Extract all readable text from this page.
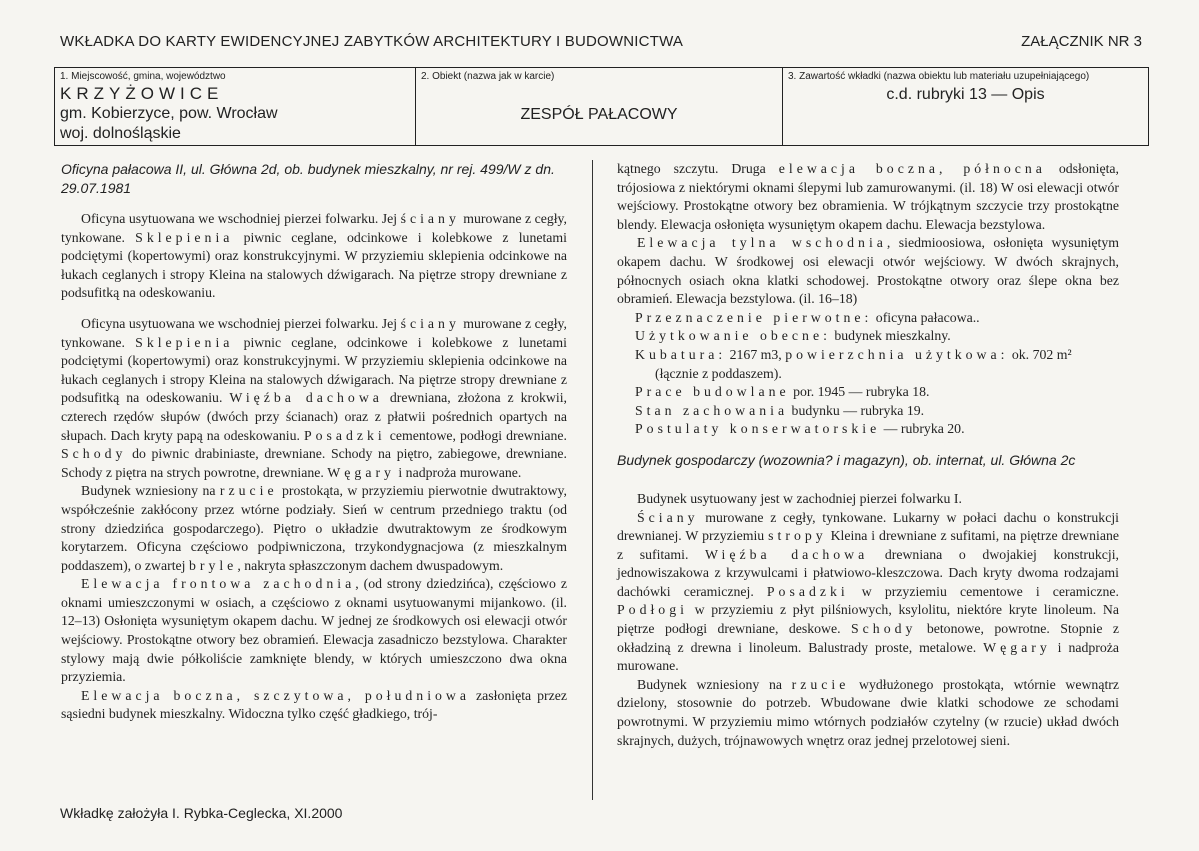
WKŁADKA DO KARTY EWIDENCYJNEJ ZABYTKÓW ARCHITEKTURY I BUDOWNICTWA	ZAŁĄCZNIK NR 3
1. Miejscowość, gmina, województwo
KRZYŻOWICE
gm. Kobierzyce, pow. Wrocław
woj. dolnośląskie
2. Obiekt (nazwa jak w karcie)
ZESPÓŁ PAŁACOWY
3. Zawartość wkładki (nazwa obiektu lub materiału uzupełniającego)
c.d. rubryki 13 — Opis
Oficyna pałacowa II, ul. Główna 2d, ob. budynek mieszkalny, nr rej. 499/W z dn. 29.07.1981

Oficyna usytuowana we wschodniej pierzei folwarku. Jej ściany murowane z cegły, tynkowane. Sklepienia piwnic ceglane, odcinkowe i kolebkowe z lunetami podciętymi (kopertowymi) oraz konstrukcyjnymi. W przyziemiu sklepienia odcinkowe na łukach ceglanych i stropy Kleina na stalowych dźwigarach. Na piętrze stropy drewniane z podsufitką na odeskowaniu.

Oficyna usytuowana we wschodniej pierzei folwarku. Jej ściany murowane z cegły, tynkowane. Sklepienia piwnic ceglane, odcinkowe i kolebkowe z lunetami podciętymi (kopertowymi) oraz konstrukcyjnymi. W przyziemiu sklepienia odcinkowe na łukach ceglanych i stropy Kleina na stalowych dźwigarach. Na piętrze stropy drewniane z podsufitką na odeskowaniu. Więźba dachowa drewniana, złożona z krokwii, czterech rzędów słupów (dwóch przy ścianach) oraz z płatwii pośrednich opartych na słupach. Dach kryty papą na odeskowaniu. Posadzki cementowe, podłogi drewniane. Schody do piwnic drabiniaste, drewniane. Schody na piętro, zabiegowe, drewniane. Schody z piętra na strych powrotne, drewniane. Węgary i nadproża murowane.

Budynek wzniesiony na rzucie prostokąta, w przyziemiu pierwotnie dwutraktowy, współcześnie zakłócony przez wtórne podziały. Sień w centrum przedniego traktu (od strony dziedzińca gospodarczego). Piętro o układzie dwutraktowym ze środkowym korytarzem. Oficyna częściowo podpiwniczona, trzykondygnacjowa (z mieszkalnym poddaszem), o zwartej bryle, nakryta spłaszczonym dachem dwuspadowym.

Elewacja frontowa zachodnia, (od strony dziedzińca), częściowo z oknami umieszczonymi w osiach, a częściowo z oknami usytuowanymi mijankowo. (il. 12–13) Osłonięta wysuniętym okapem dachu. W jednej ze środkowych osi elewacji otwór wejściowy. Prostokątne otwory bez obramień. Elewacja zasadniczo bezstylowa. Charakter stylowy mają dwie półkoliście zamknięte blendy, w których umieszczono dwa okna przyziemia.

Elewacja boczna, szczytowa, południowa zasłonięta przez sąsiedni budynek mieszkalny. Widoczna tylko część gładkiego, trój-

kątnego szczytu. Druga elewacja boczna, północna odsłonięta, trójosiowa z niektórymi oknami ślepymi lub zamurowanymi. (il. 18) W osi elewacji otwór wejściowy. Prostokątne otwory bez obramienia. W trójkątnym szczycie trzy prostokątne blendy. Elewacja osłonięta wysuniętym okapem dachu. Elewacja bezstylowa.

Elewacja tylna wschodnia, siedmioosiowa, osłonięta wysuniętym okapem dachu. W środkowej osi elewacji otwór wejściowy. W dwóch skrajnych, północnych osiach okna klatki schodowej. Prostokątne otwory oraz ślepe okna bez obramień. Elewacja bezstylowa. (il. 16–18)

Przeznaczenie pierwotne: oficyna pałacowa..
Użytkowanie obecne: budynek mieszkalny.
Kubatura: 2167 m3, powierzchnia użytkowa: ok. 702 m²
(łącznie z poddaszem).
Prace budowlane por. 1945 — rubryka 18.
Stan zachowania budynku — rubryka 19.
Postulaty konserwatorskie — rubryka 20.
Budynek gospodarczy (wozownia? i magazyn), ob. internat, ul. Główna 2c

Budynek usytuowany jest w zachodniej pierzei folwarku I.

Ściany murowane z cegły, tynkowane. Lukarny w połaci dachu o konstrukcji drewnianej. W przyziemiu stropy Kleina i drewniane z sufitami, na piętrze drewniane z sufitami. Więźba dachowa drewniana o dwojakiej konstrukcji, jednowiszakowa z krzywulcami i płatwiowo-kleszczowa. Dach kryty dwoma rodzajami dachówki ceramicznej. Posadzki w przyziemiu cementowe i ceramiczne. Podłogi w przyziemiu z płyt pilśniowych, ksylolitu, niektóre kryte linoleum. Na piętrze podłogi drewniane, deskowe. Schody betonowe, powrotne. Stopnie z okładziną z drewna i linoleum. Balustrady proste, metalowe. Węgary i nadproża murowane.

Budynek wzniesiony na rzucie wydłużonego prostokąta, wtórnie wewnątrz dzielony, stosownie do potrzeb. Wbudowane dwie klatki schodowe ze schodami powrotnymi. W przyziemiu mimo wtórnych podziałów czytelny (w rzucie) układ dwóch skrajnych, dużych, trójnawowych wnętrz oraz jednej przelotowej sieni.

Wkładkę założyła I. Rybka-Ceglecka, XI.2000
